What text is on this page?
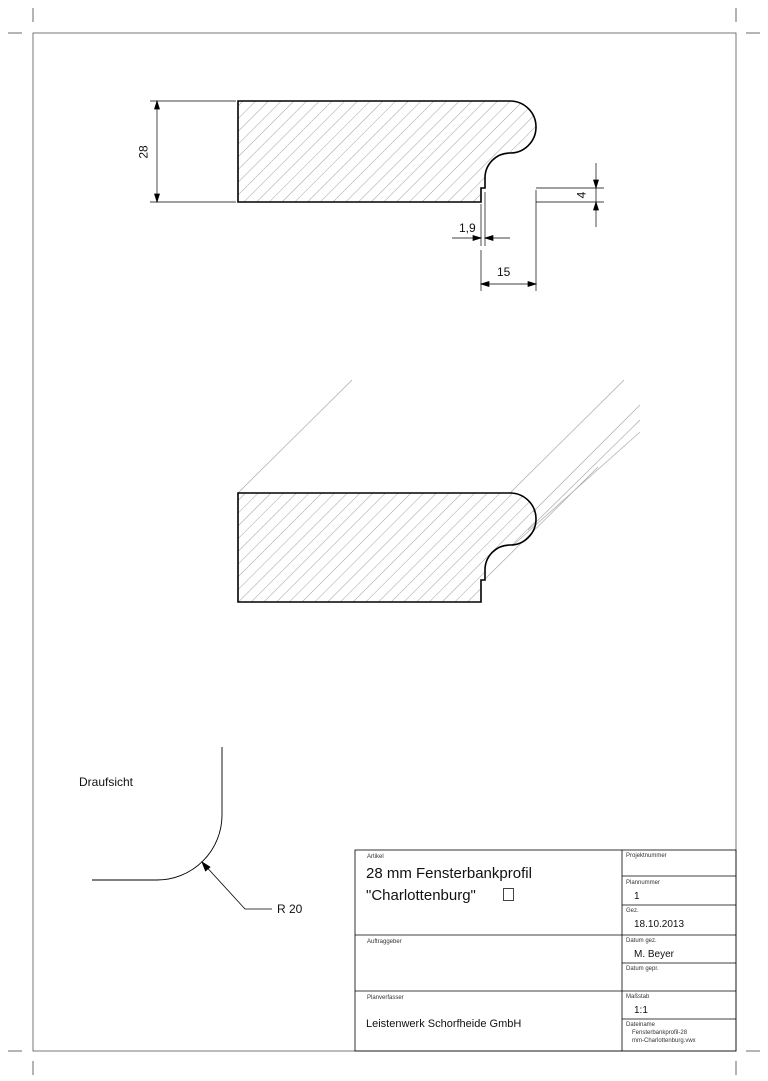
28
1,9
15
4
Draufsicht
R 20
Artikel
28 mm Fensterbankprofil
"Charlottenburg"
Projektnummer
Plannummer
1
Gez.
18.10.2013
Auftraggeber	Datum gez.
M. Beyer
Datum gepr.
Planverfasser
Leistenwerk Schorfheide GmbH
Maßstab
1:1
Dateiname
Fensterbankprofil-28
mm-Charlottenburg.vwx
